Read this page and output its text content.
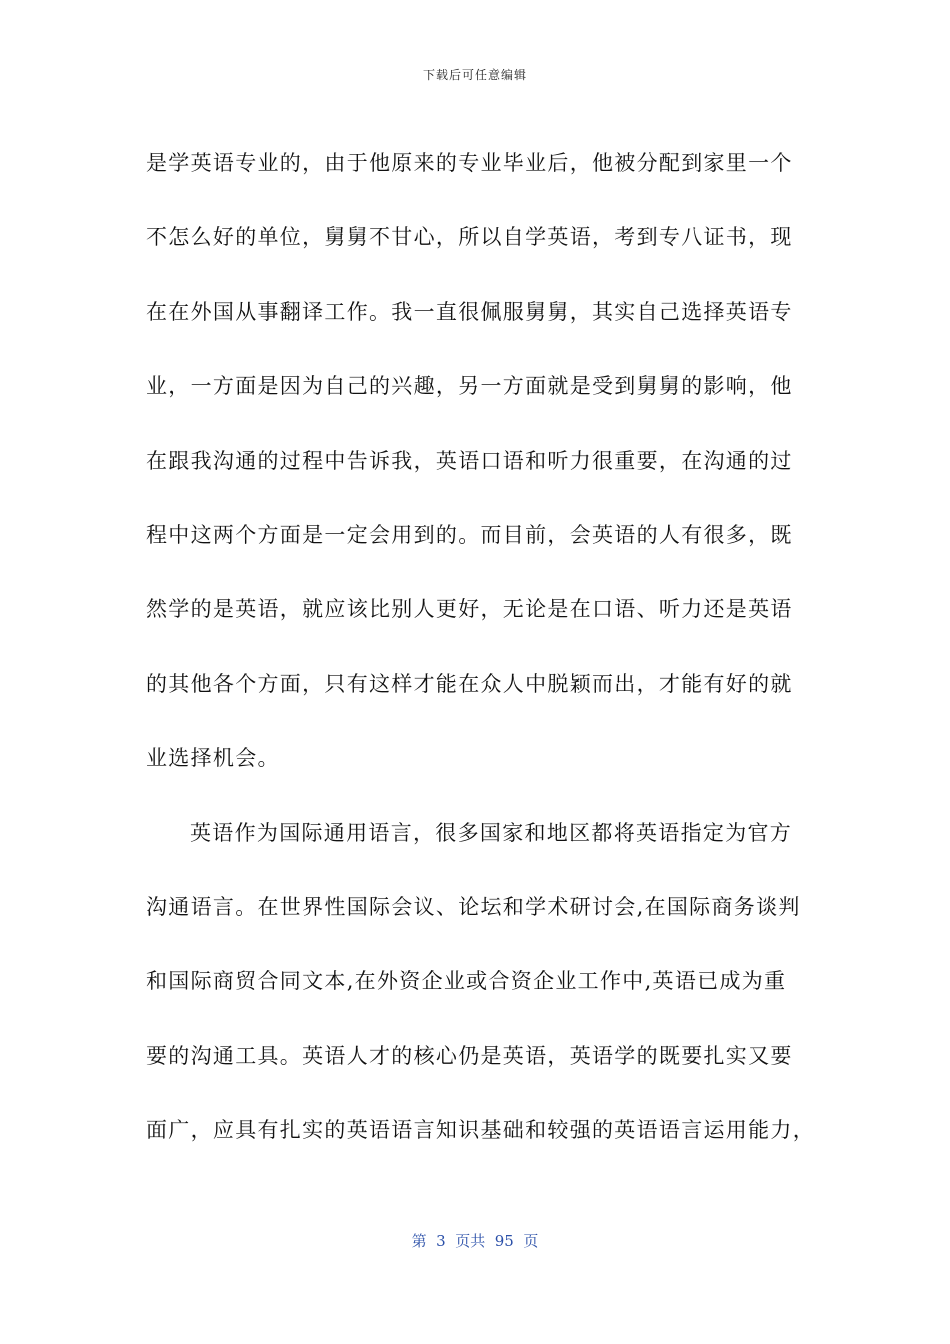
下载后可任意编辑
是学英语专业的，由于他原来的专业毕业后，他被分配到家里一个
不怎么好的单位，舅舅不甘心，所以自学英语，考到专八证书，现
在在外国从事翻译工作。我一直很佩服舅舅，其实自己选择英语专
业，一方面是因为自己的兴趣，另一方面就是受到舅舅的影响，他
在跟我沟通的过程中告诉我，英语口语和听力很重要，在沟通的过
程中这两个方面是一定会用到的。而目前，会英语的人有很多，既
然学的是英语，就应该比别人更好，无论是在口语、听力还是英语
的其他各个方面，只有这样才能在众人中脱颖而出，才能有好的就
业选择机会。
英语作为国际通用语言，很多国家和地区都将英语指定为官方
沟通语言。在世界性国际会议、论坛和学术研讨会,在国际商务谈判
和国际商贸合同文本,在外资企业或合资企业工作中,英语已成为重
要的沟通工具。英语人才的核心仍是英语，英语学的既要扎实又要
面广，应具有扎实的英语语言知识基础和较强的英语语言运用能力，
第  3  页共  95  页
